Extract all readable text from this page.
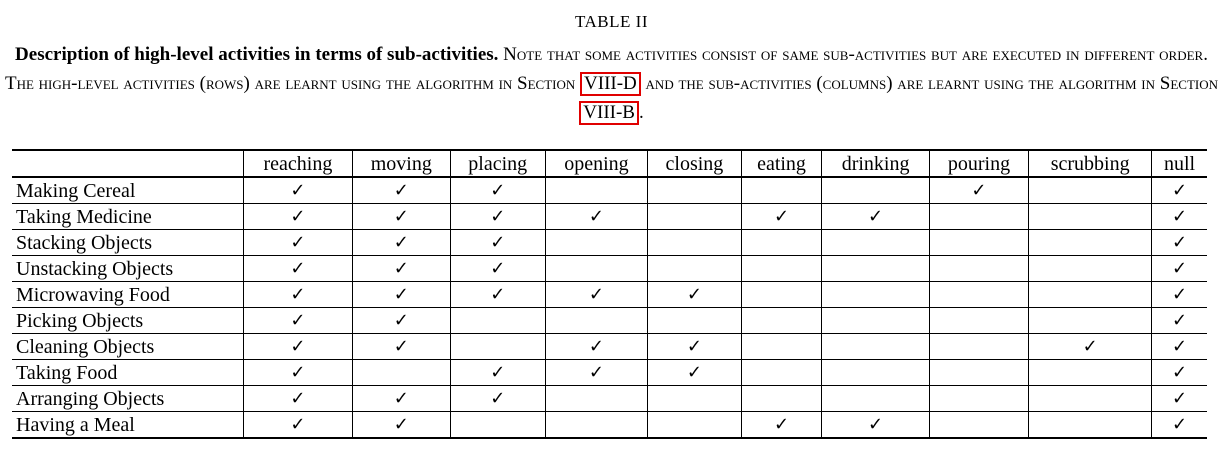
TABLE II
Description of high-level activities in terms of sub-activities. Note that some activities consist of same sub-activities but are executed in different order. The high-level activities (rows) are learnt using the algorithm in Section VIII-D and the sub-activities (columns) are learnt using the algorithm in Section VIII-B .
	reaching	moving	placing	opening	closing	eating	drinking	pouring	scrubbing	null
Making Cereal	✓	✓	✓					✓		✓
Taking Medicine	✓	✓	✓	✓		✓	✓			✓
Stacking Objects	✓	✓	✓							✓
Unstacking Objects	✓	✓	✓							✓
Microwaving Food	✓	✓	✓	✓	✓					✓
Picking Objects	✓	✓								✓
Cleaning Objects	✓	✓		✓	✓				✓	✓
Taking Food	✓		✓	✓	✓					✓
Arranging Objects	✓	✓	✓							✓
Having a Meal	✓	✓				✓	✓			✓
